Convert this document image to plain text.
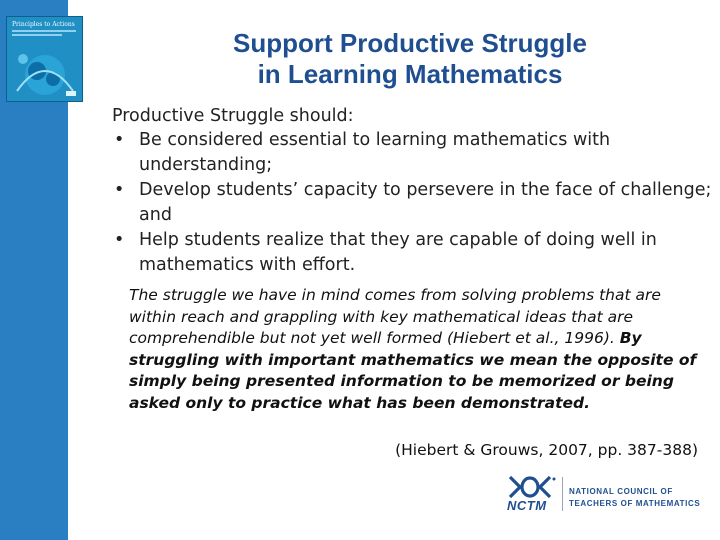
Principles to Actions
Support Productive Struggle
in Learning Mathematics

Productive Struggle should:

• Be considered essential to learning mathematics with understanding;
• Develop students’ capacity to persevere in the face of challenge; and
• Help students realize that they are capable of doing well in mathematics with effort.

The struggle we have in mind comes from solving problems that are within reach and grappling with key mathematical ideas that are comprehendible but not yet well formed (Hiebert et al., 1996). By struggling with important mathematics we mean the opposite of simply being presented information to be memorized or being asked only to practice what has been demonstrated.

(Hiebert & Grouws, 2007, pp. 387-388)
NCTM
NATIONAL COUNCIL OF
TEACHERS OF MATHEMATICS
